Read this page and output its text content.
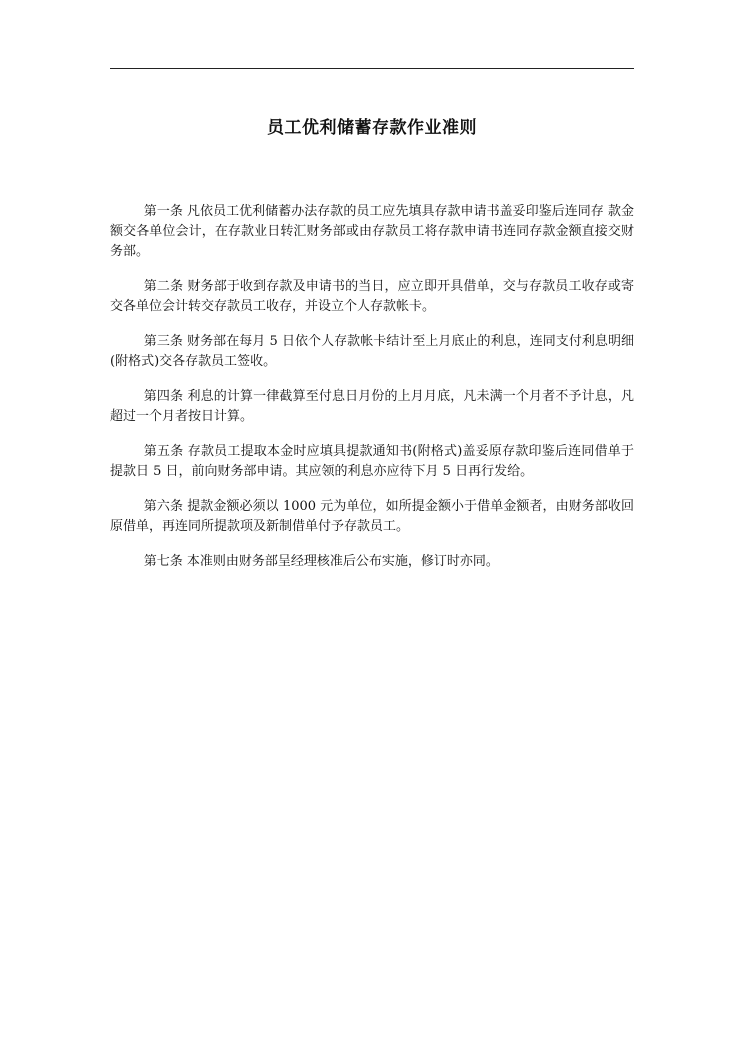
员工优利储蓄存款作业准则

第一条 凡依员工优利储蓄办法存款的员工应先填具存款申请书盖妥印鉴后连同存 款金额交各单位会计，在存款业日转汇财务部或由存款员工将存款申请书连同存款金额直接交财务部。

第二条 财务部于收到存款及申请书的当日，应立即开具借单，交与存款员工收存或寄交各单位会计转交存款员工收存，并设立个人存款帐卡。

第三条 财务部在每月 5 日依个人存款帐卡结计至上月底止的利息，连同支付利息明细(附格式)交各存款员工签收。

第四条 利息的计算一律截算至付息日月份的上月月底，凡未满一个月者不予计息，凡超过一个月者按日计算。

第五条 存款员工提取本金时应填具提款通知书(附格式)盖妥原存款印鉴后连同借单于提款日 5 日，前向财务部申请。其应领的利息亦应待下月 5 日再行发给。

第六条 提款金额必须以 1000 元为单位，如所提金额小于借单金额者，由财务部收回原借单，再连同所提款项及新制借单付予存款员工。

第七条 本准则由财务部呈经理核准后公布实施，修订时亦同。
